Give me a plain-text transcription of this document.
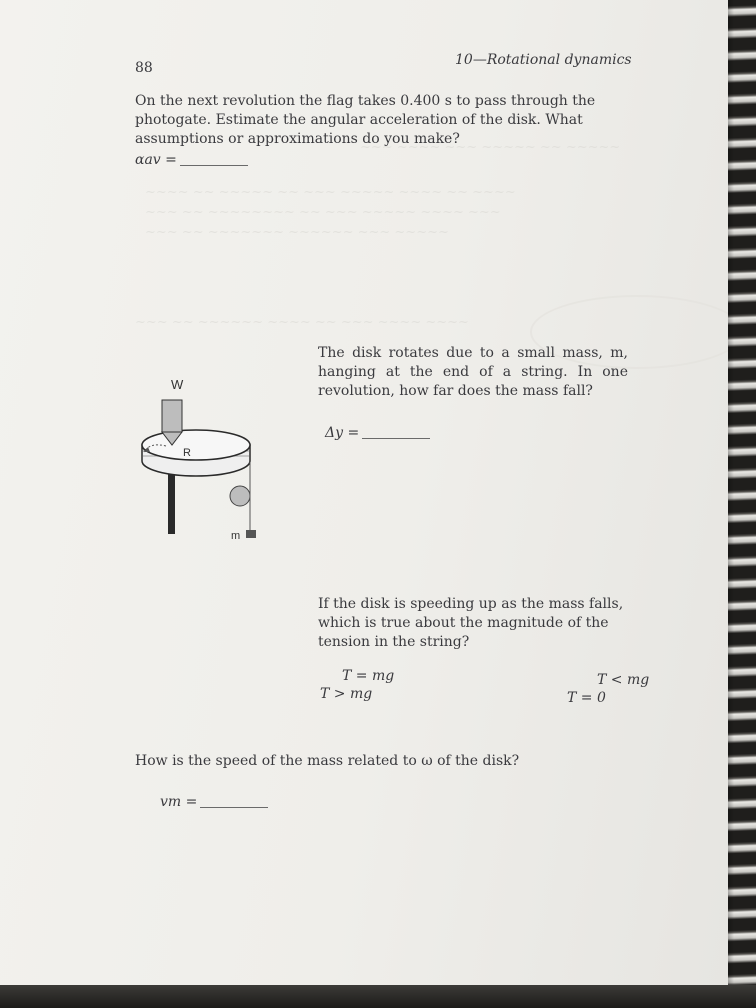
~~~ ~~~~ ~~~ ~~~~~ ~~ ~~~~~
~~~~ ~~ ~~~~~ ~~ ~~~ ~~~~~ ~~~~ ~~ ~~~~
~~~ ~~ ~~~~~~~~ ~~ ~~~ ~~~~~ ~~~~ ~~~
~~~ ~~ ~~~~~~~ ~~~~~~ ~~~ ~~~~~
~~~ ~~ ~~~~~~ ~~~~ ~~ ~~~ ~~~~ ~~~~
88	10—Rotational dynamics
On the next revolution the flag takes 0.400 s to pass through the photogate. Estimate the angular acceleration of the disk. What assumptions or approximations do you make?
αav =
W
R
m
The disk rotates due to a small mass, m, hanging at the end of a string. In one revolution, how far does the mass fall?
Δy =
If the disk is speeding up as the mass falls, which is true about the magnitude of the tension in the string?
T = mg
T > mg
T < mg
T = 0
How is the speed of the mass related to ω of the disk?
vm =
